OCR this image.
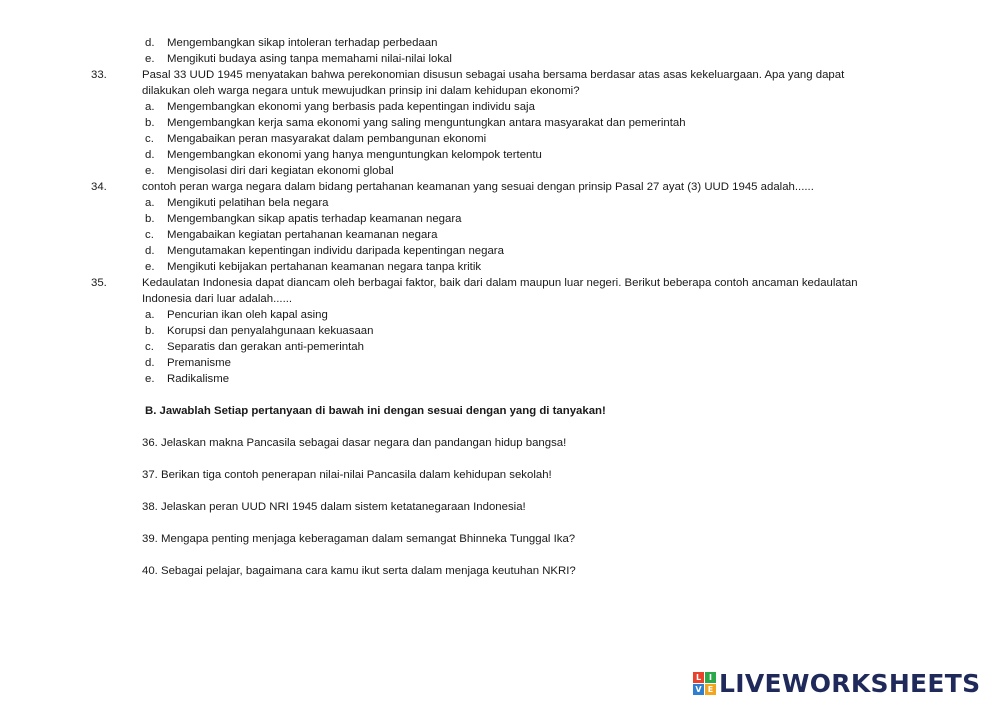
d. Mengembangkan sikap intoleran terhadap perbedaan
e. Mengikuti budaya asing tanpa memahami nilai-nilai lokal
33.	Pasal 33 UUD 1945 menyatakan bahwa perekonomian disusun sebagai usaha bersama berdasar atas asas kekeluargaan. Apa yang dapat
dilakukan oleh warga negara untuk mewujudkan prinsip ini dalam kehidupan ekonomi?
a. Mengembangkan ekonomi yang berbasis pada kepentingan individu saja
b. Mengembangkan kerja sama ekonomi yang saling menguntungkan antara masyarakat dan pemerintah
c. Mengabaikan peran masyarakat dalam pembangunan ekonomi
d. Mengembangkan ekonomi yang hanya menguntungkan kelompok tertentu
e. Mengisolasi diri dari kegiatan ekonomi global
34.	contoh peran warga negara dalam bidang pertahanan keamanan yang sesuai dengan prinsip Pasal 27 ayat (3) UUD 1945 adalah......
a. Mengikuti pelatihan bela negara
b. Mengembangkan sikap apatis terhadap keamanan negara
c. Mengabaikan kegiatan pertahanan keamanan negara
d. Mengutamakan kepentingan individu daripada kepentingan negara
e. Mengikuti kebijakan pertahanan keamanan negara tanpa kritik
35.	Kedaulatan Indonesia dapat diancam oleh berbagai faktor, baik dari dalam maupun luar negeri. Berikut beberapa contoh ancaman kedaulatan
Indonesia dari luar adalah......
a. Pencurian ikan oleh kapal asing
b. Korupsi dan penyalahgunaan kekuasaan
c. Separatis dan gerakan anti-pemerintah
d. Premanisme
e. Radikalisme
B. Jawablah Setiap pertanyaan di bawah ini dengan sesuai dengan yang di tanyakan!
36. Jelaskan makna Pancasila sebagai dasar negara dan pandangan hidup bangsa!
37. Berikan tiga contoh penerapan nilai-nilai Pancasila dalam kehidupan sekolah!
38. Jelaskan peran UUD NRI 1945 dalam sistem ketatanegaraan Indonesia!
39. Mengapa penting menjaga keberagaman dalam semangat Bhinneka Tunggal Ika?
40. Sebagai pelajar, bagaimana cara kamu ikut serta dalam menjaga keutuhan NKRI?
L I
V E LIVEWORKSHEETS
